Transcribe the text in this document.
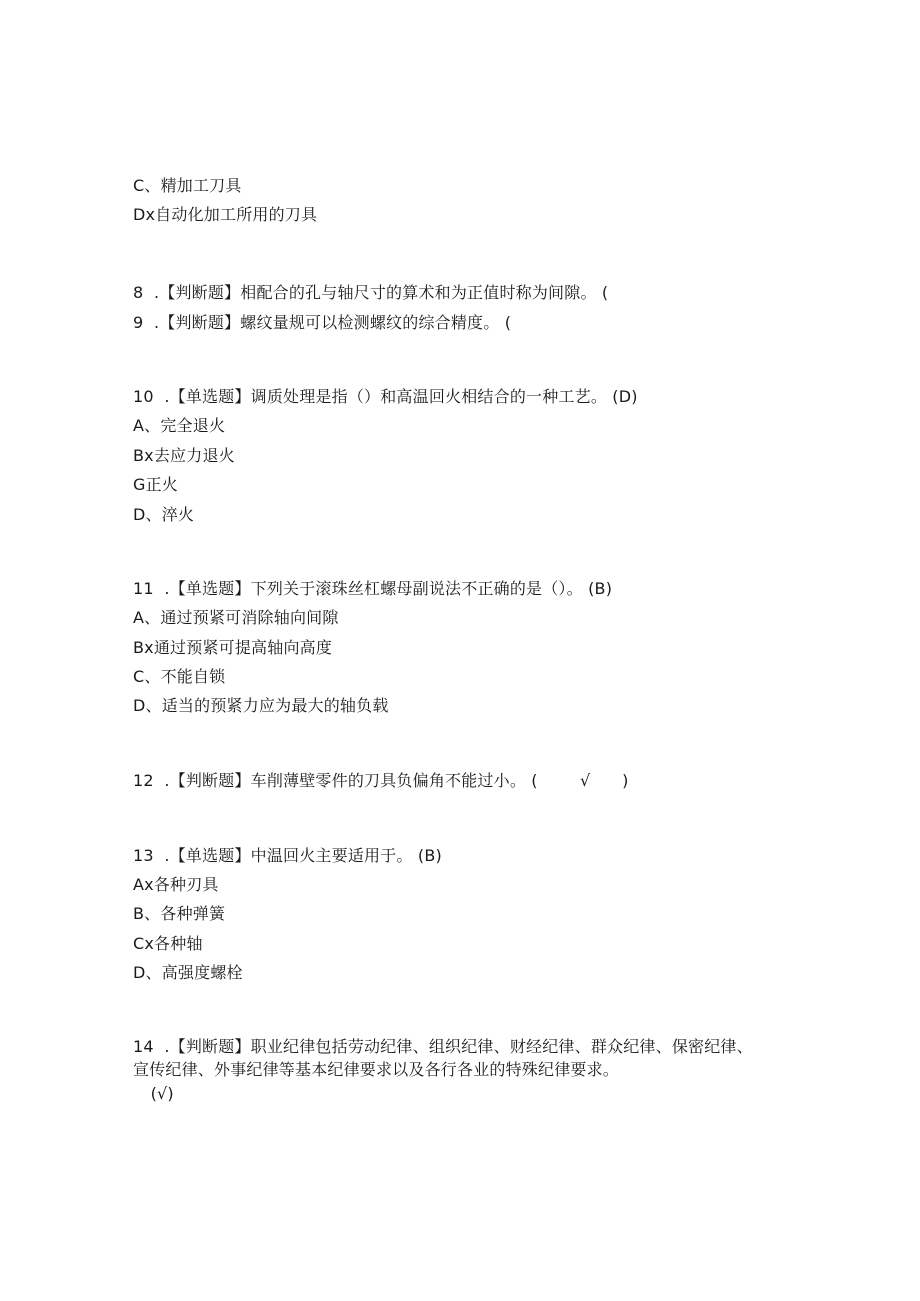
C、精加工刀具
Dx自动化加工所用的刀具
8  .【判断题】相配合的孔与轴尺寸的算术和为正值时称为间隙。 (
9  .【判断题】螺纹量规可以检测螺纹的综合精度。 (
10  .【单选题】调质处理是指（）和高温回火相结合的一种工艺。 (D)
A、完全退火
Bx去应力退火
G正火
D、淬火
11  .【单选题】下列关于滚珠丝杠螺母副说法不正确的是（）。 (B)
A、通过预紧可消除轴向间隙
Bx通过预紧可提高轴向高度
C、不能自锁
D、适当的预紧力应为最大的轴负载
12  .【判断题】车削薄壁零件的刀具负偏角不能过小。 (        √      )
13  .【单选题】中温回火主要适用于。 (B)
Ax各种刃具
B、各种弹簧
Cx各种轴
D、高强度螺栓
14  .【判断题】职业纪律包括劳动纪律、组织纪律、财经纪律、群众纪律、保密纪律、
宣传纪律、外事纪律等基本纪律要求以及各行各业的特殊纪律要求。
(√)
